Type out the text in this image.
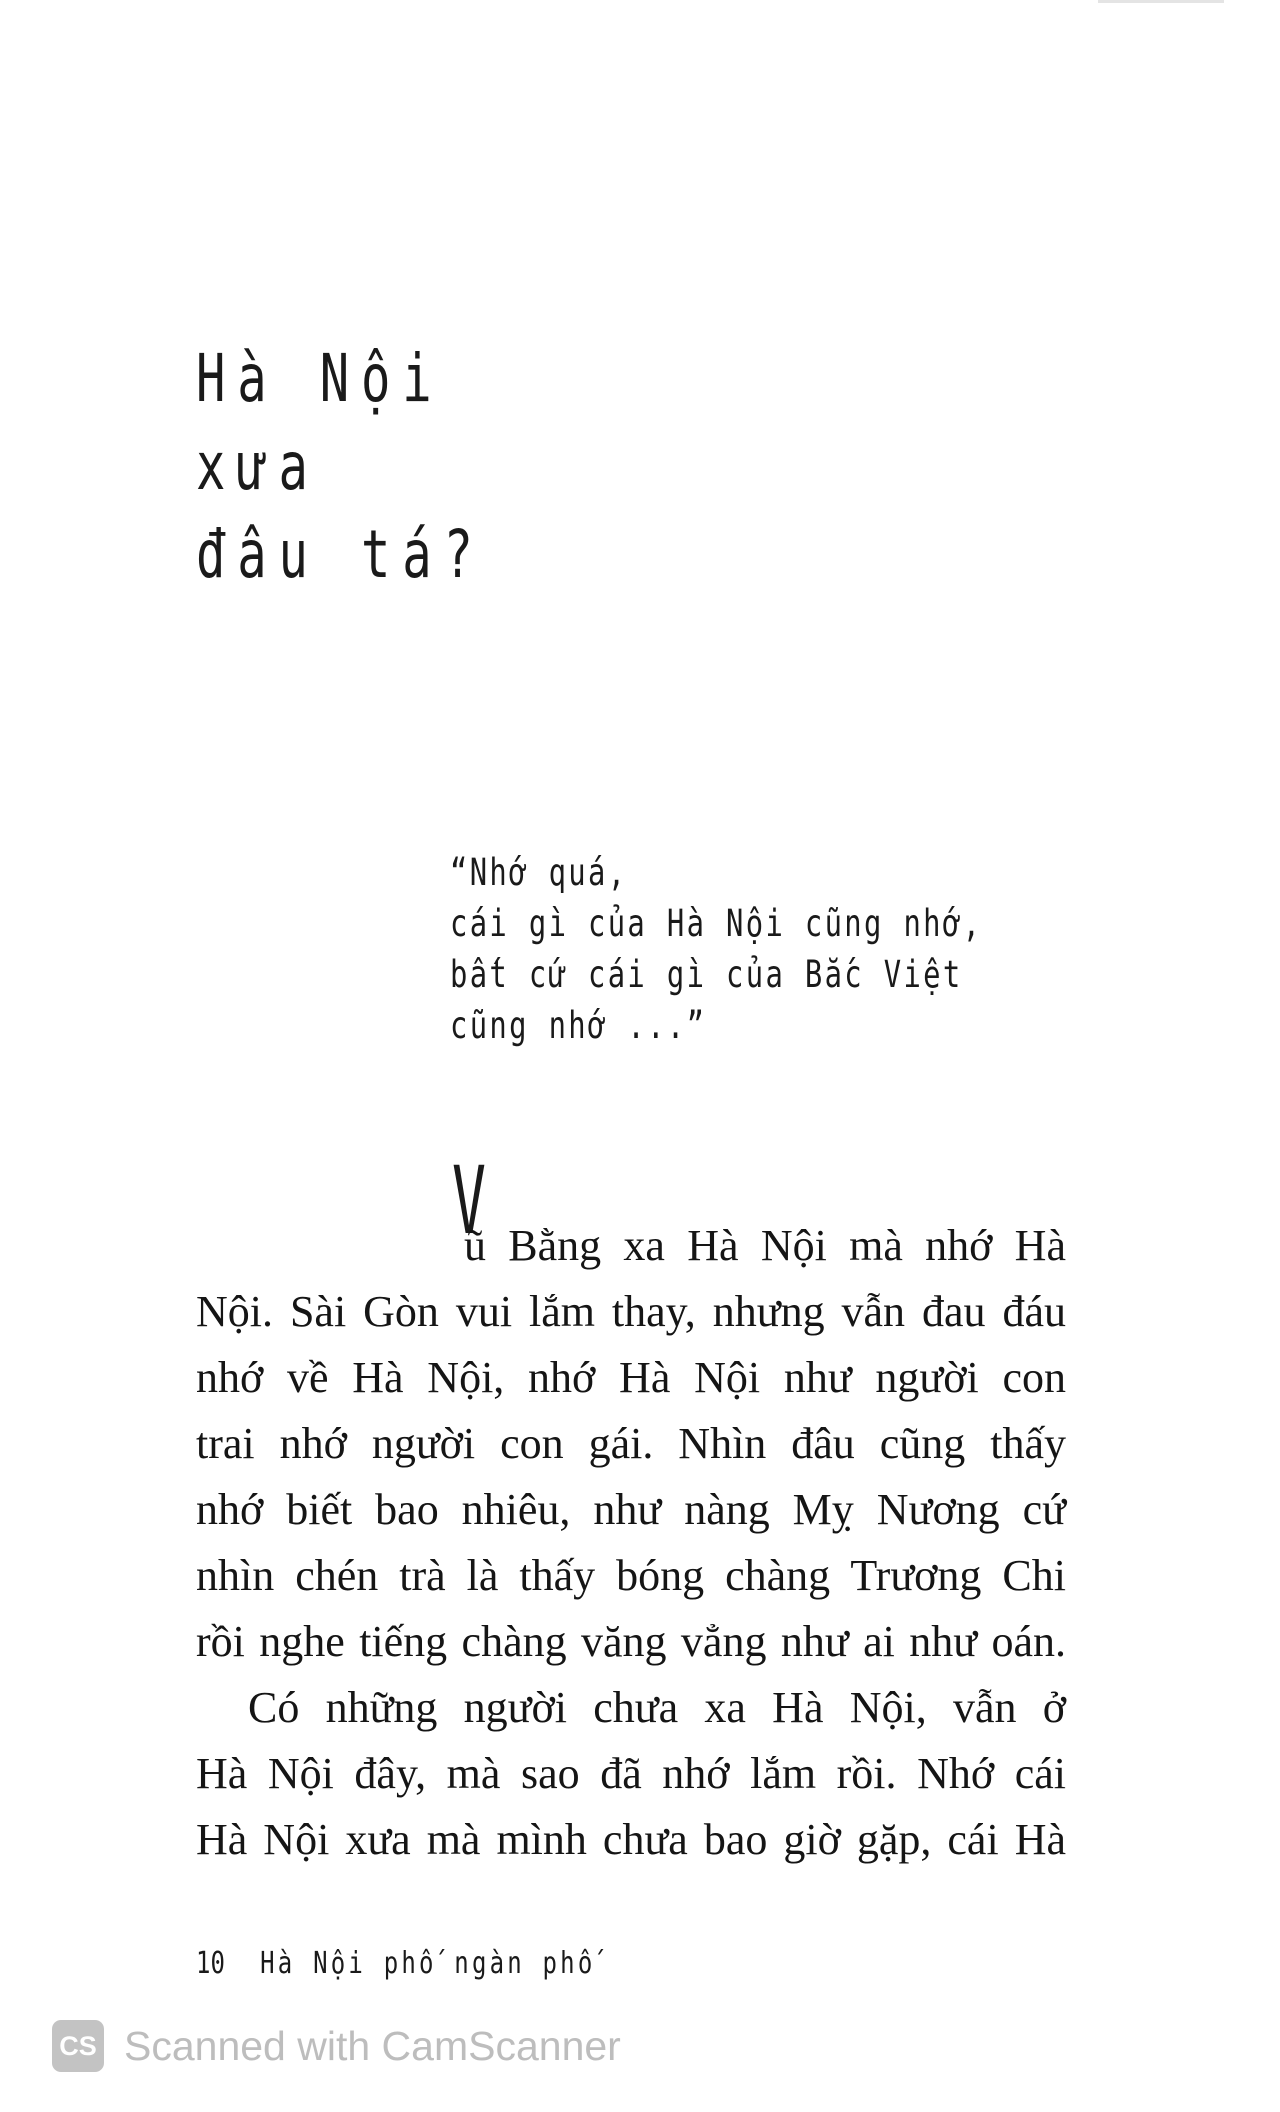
Hà Nội
xưa
đâu tá?
“Nhớ quá,
cái gì của Hà Nội cũng nhớ,
bất cứ cái gì của Bắc Việt
cũng nhớ ...”
V
ũ Bằng xa Hà Nội mà nhớ Hà
Nội. Sài Gòn vui lắm thay, nhưng vẫn đau đáu
nhớ về Hà Nội, nhớ Hà Nội như người con
trai nhớ người con gái. Nhìn đâu cũng thấy
nhớ biết bao nhiêu, như nàng Mỵ Nương cứ
nhìn chén trà là thấy bóng chàng Trương Chi
rồi nghe tiếng chàng văng vẳng như ai như oán.
Có những người chưa xa Hà Nội, vẫn ở
Hà Nội đây, mà sao đã nhớ lắm rồi. Nhớ cái
Hà Nội xưa mà mình chưa bao giờ gặp, cái Hà
10 Hà Nội phố ngàn phố
CS Scanned with CamScanner
